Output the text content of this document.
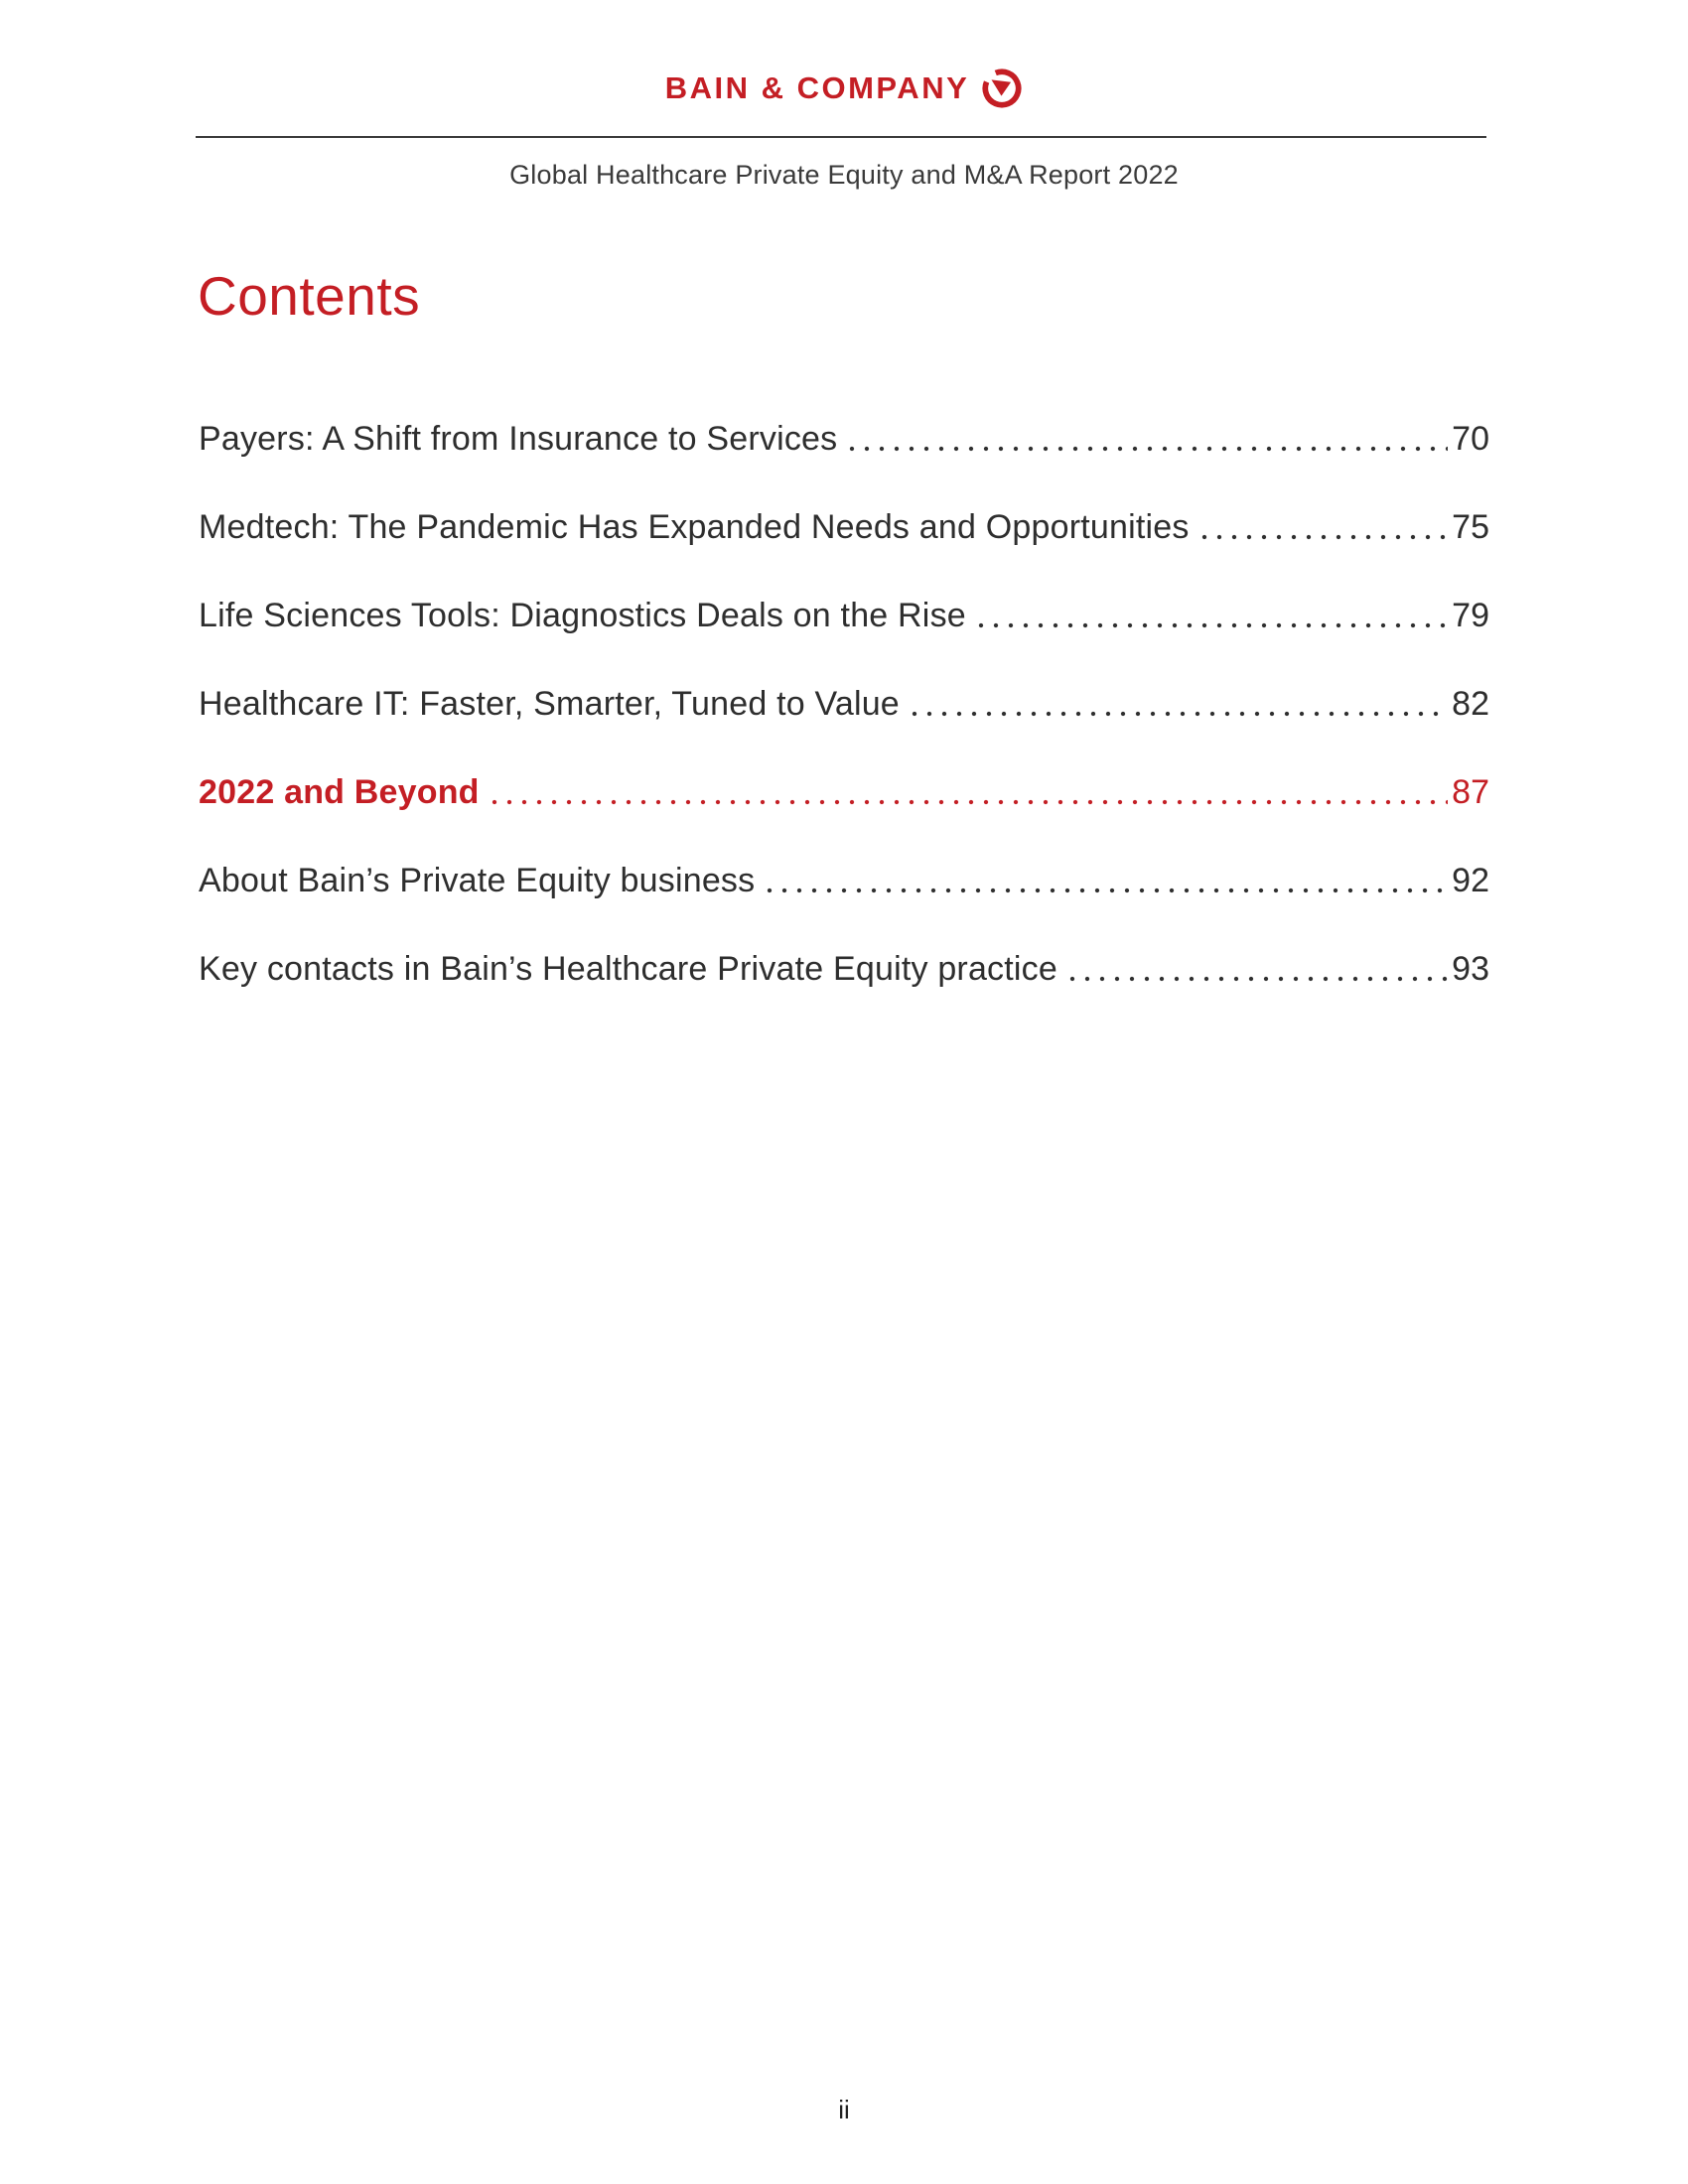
BAIN & COMPANY
Global Healthcare Private Equity and M&A Report 2022
Contents
Payers: A Shift from Insurance to Services	70
Medtech: The Pandemic Has Expanded Needs and Opportunities	75
Life Sciences Tools: Diagnostics Deals on the Rise	79
Healthcare IT: Faster, Smarter, Tuned to Value	82
2022 and Beyond	87
About Bain’s Private Equity business	92
Key contacts in Bain’s Healthcare Private Equity practice	93
ii
